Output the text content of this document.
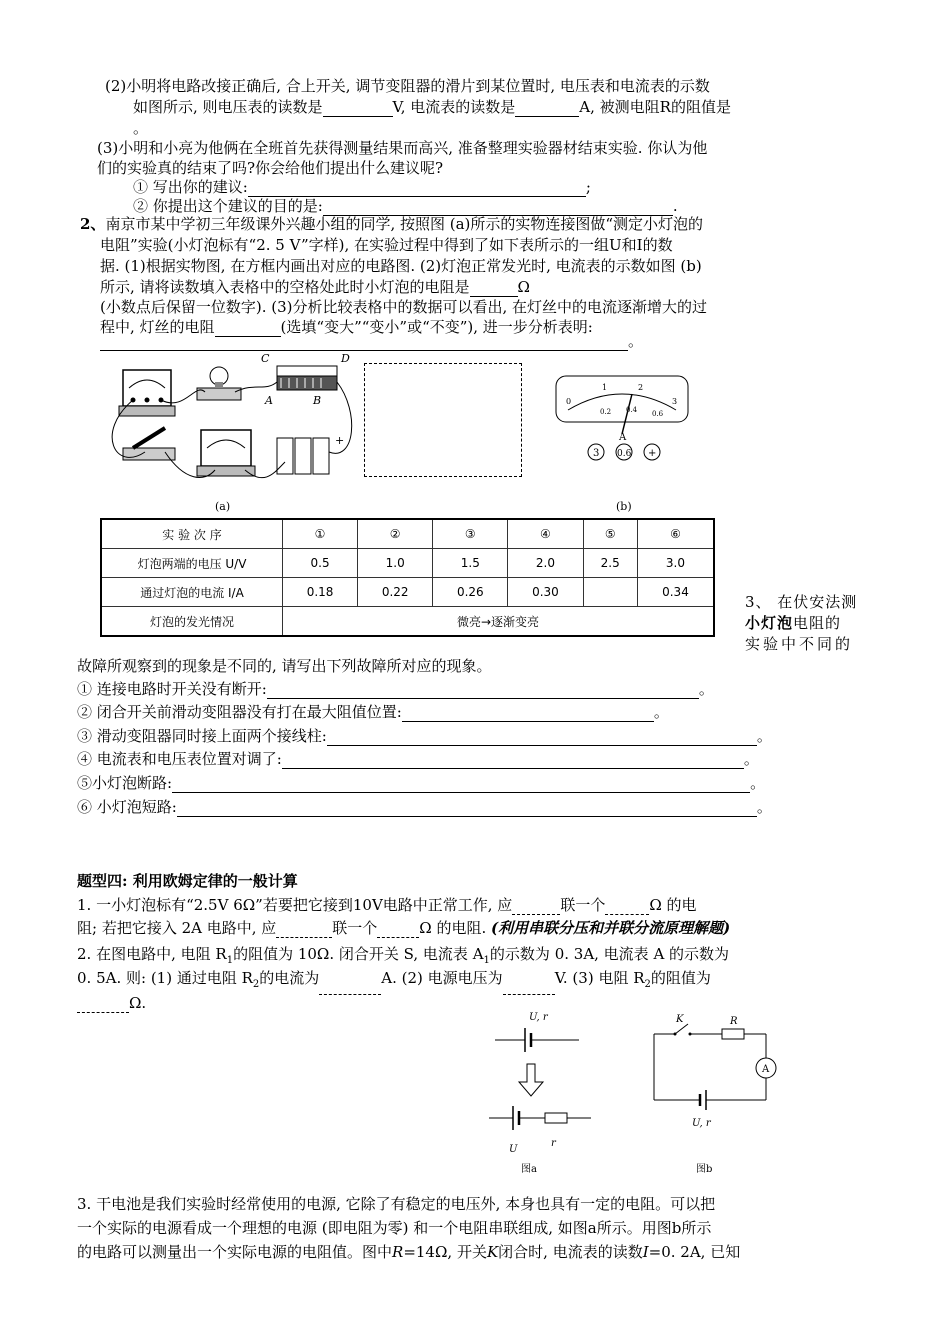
(2)小明将电路改接正确后, 合上开关, 调节变阻器的滑片到某位置时, 电压表和电流表的示数
如图所示, 则电压表的读数是	V, 电流表的读数是	A, 被测电阻R的阻值是
。
(3)小明和小亮为他俩在全班首先获得测量结果而高兴, 准备整理实验器材结束实验. 你认为他
们的实验真的结束了吗?你会给他们提出什么建议呢?
① 写出你的建议:	;
② 你提出这个建议的目的是:	.
2、南京市某中学初三年级课外兴趣小组的同学, 按照图 (a)所示的实物连接图做“测定小灯泡的
电阻”实验(小灯泡标有“2. 5 V”字样), 在实验过程中得到了如下表所示的一组U和I的数
据. (1)根据实物图, 在方框内画出对应的电路图. (2)灯泡正常发光时, 电流表的示数如图 (b)
所示, 请将读数填入表格中的空格处此时小灯泡的电阻是	Ω
(小数点后保留一位数字). (3)分析比较表格中的数据可以看出, 在灯丝中的电流逐渐增大的过
程中, 灯丝的电阻	(选填“变大”“变小”或“不变”), 进一步分析表明:
。
C	D
A	B
+
(a)
0
1	2
3
0.2 0.4 0.6
A
3 0.6 +
(b)
实 验 次 序	①	②	③	④	⑤	⑥
灯泡两端的电压 U/V	0.5	1.0	1.5	2.0	2.5	3.0
通过灯泡的电流 I/A	0.18	0.22	0.26	0.30		0.34
灯泡的发光情况	微亮→逐渐变亮					
3、 在伏安法测
小灯泡电阻的
实验中不同的
故障所观察到的现象是不同的, 请写出下列故障所对应的现象。
① 连接电路时开关没有断开:	。
② 闭合开关前滑动变阻器没有打在最大阻值位置:	。
③ 滑动变阻器同时接上面两个接线柱:	。
④ 电流表和电压表位置对调了:	。
⑤小灯泡断路:	。
⑥ 小灯泡短路:	。
题型四: 利用欧姆定律的一般计算
1. 一小灯泡标有“2.5V 6Ω”若要把它接到10V电路中正常工作, 应	联一个	Ω 的电
阻; 若把它接入 2A 电路中, 应	联一个	Ω 的电阻. (利用串联分压和并联分流原理解题)
2. 在图电路中, 电阻 $R_1$的阻值为 10Ω. 闭合开关 S, 电流表 $A_1$的示数为 0. 3A, 电流表 A 的示数为
0. 5A. 则: (1) 通过电阻 $R_2$的电流为	A. (2) 电源电压为	V. (3) 电阻 $R_2$的阻值为
Ω.
U, r
U
r
图a
K	R
A
U, r
图b
3. 干电池是我们实验时经常使用的电源, 它除了有稳定的电压外, 本身也具有一定的电阻。可以把
一个实际的电源看成一个理想的电源 (即电阻为零) 和一个电阻串联组成, 如图a所示。用图b所示
的电路可以测量出一个实际电源的电阻值。图中R=14Ω, 开关K闭合时, 电流表的读数I=0. 2A, 已知
